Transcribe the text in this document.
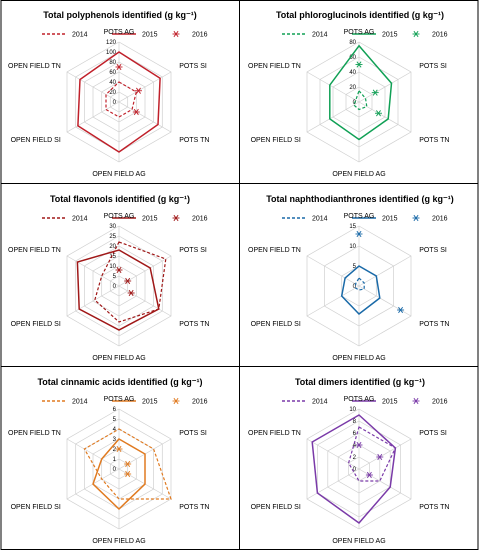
Total polyphenols identified (g kg⁻¹)
2014	2015	2016
0
20
40
60
80
100
120
POTS AG
POTS SI
POTS TN
OPEN FIELD AG
OPEN FIELD SI
OPEN FIELD TN
Total phloroglucinols identified (g kg⁻¹)
2014	2015	2016
0
20
40
60
80
POTS AG
POTS SI
POTS TN
OPEN FIELD AG
OPEN FIELD SI
OPEN FIELD TN
Total flavonols identified (g kg⁻¹)
2014	2015	2016
0
5
10
15
20
25
30
POTS AG
POTS SI
POTS TN
OPEN FIELD AG
OPEN FIELD SI
OPEN FIELD TN
Total naphthodianthrones identified (g kg⁻¹)
2014	2015	2016
0
5
10
15
POTS AG
POTS SI
POTS TN
OPEN FIELD AG
OPEN FIELD SI
OPEN FIELD TN
Total cinnamic acids identified (g kg⁻¹)
2014	2015	2016
0
1
2
3
4
5
6
POTS AG
POTS SI
POTS TN
OPEN FIELD AG
OPEN FIELD SI
OPEN FIELD TN
Total dimers identified (g kg⁻¹)
2014	2015	2016
0
2
4
6
8
10
POTS AG
POTS SI
POTS TN
OPEN FIELD AG
OPEN FIELD SI
OPEN FIELD TN
